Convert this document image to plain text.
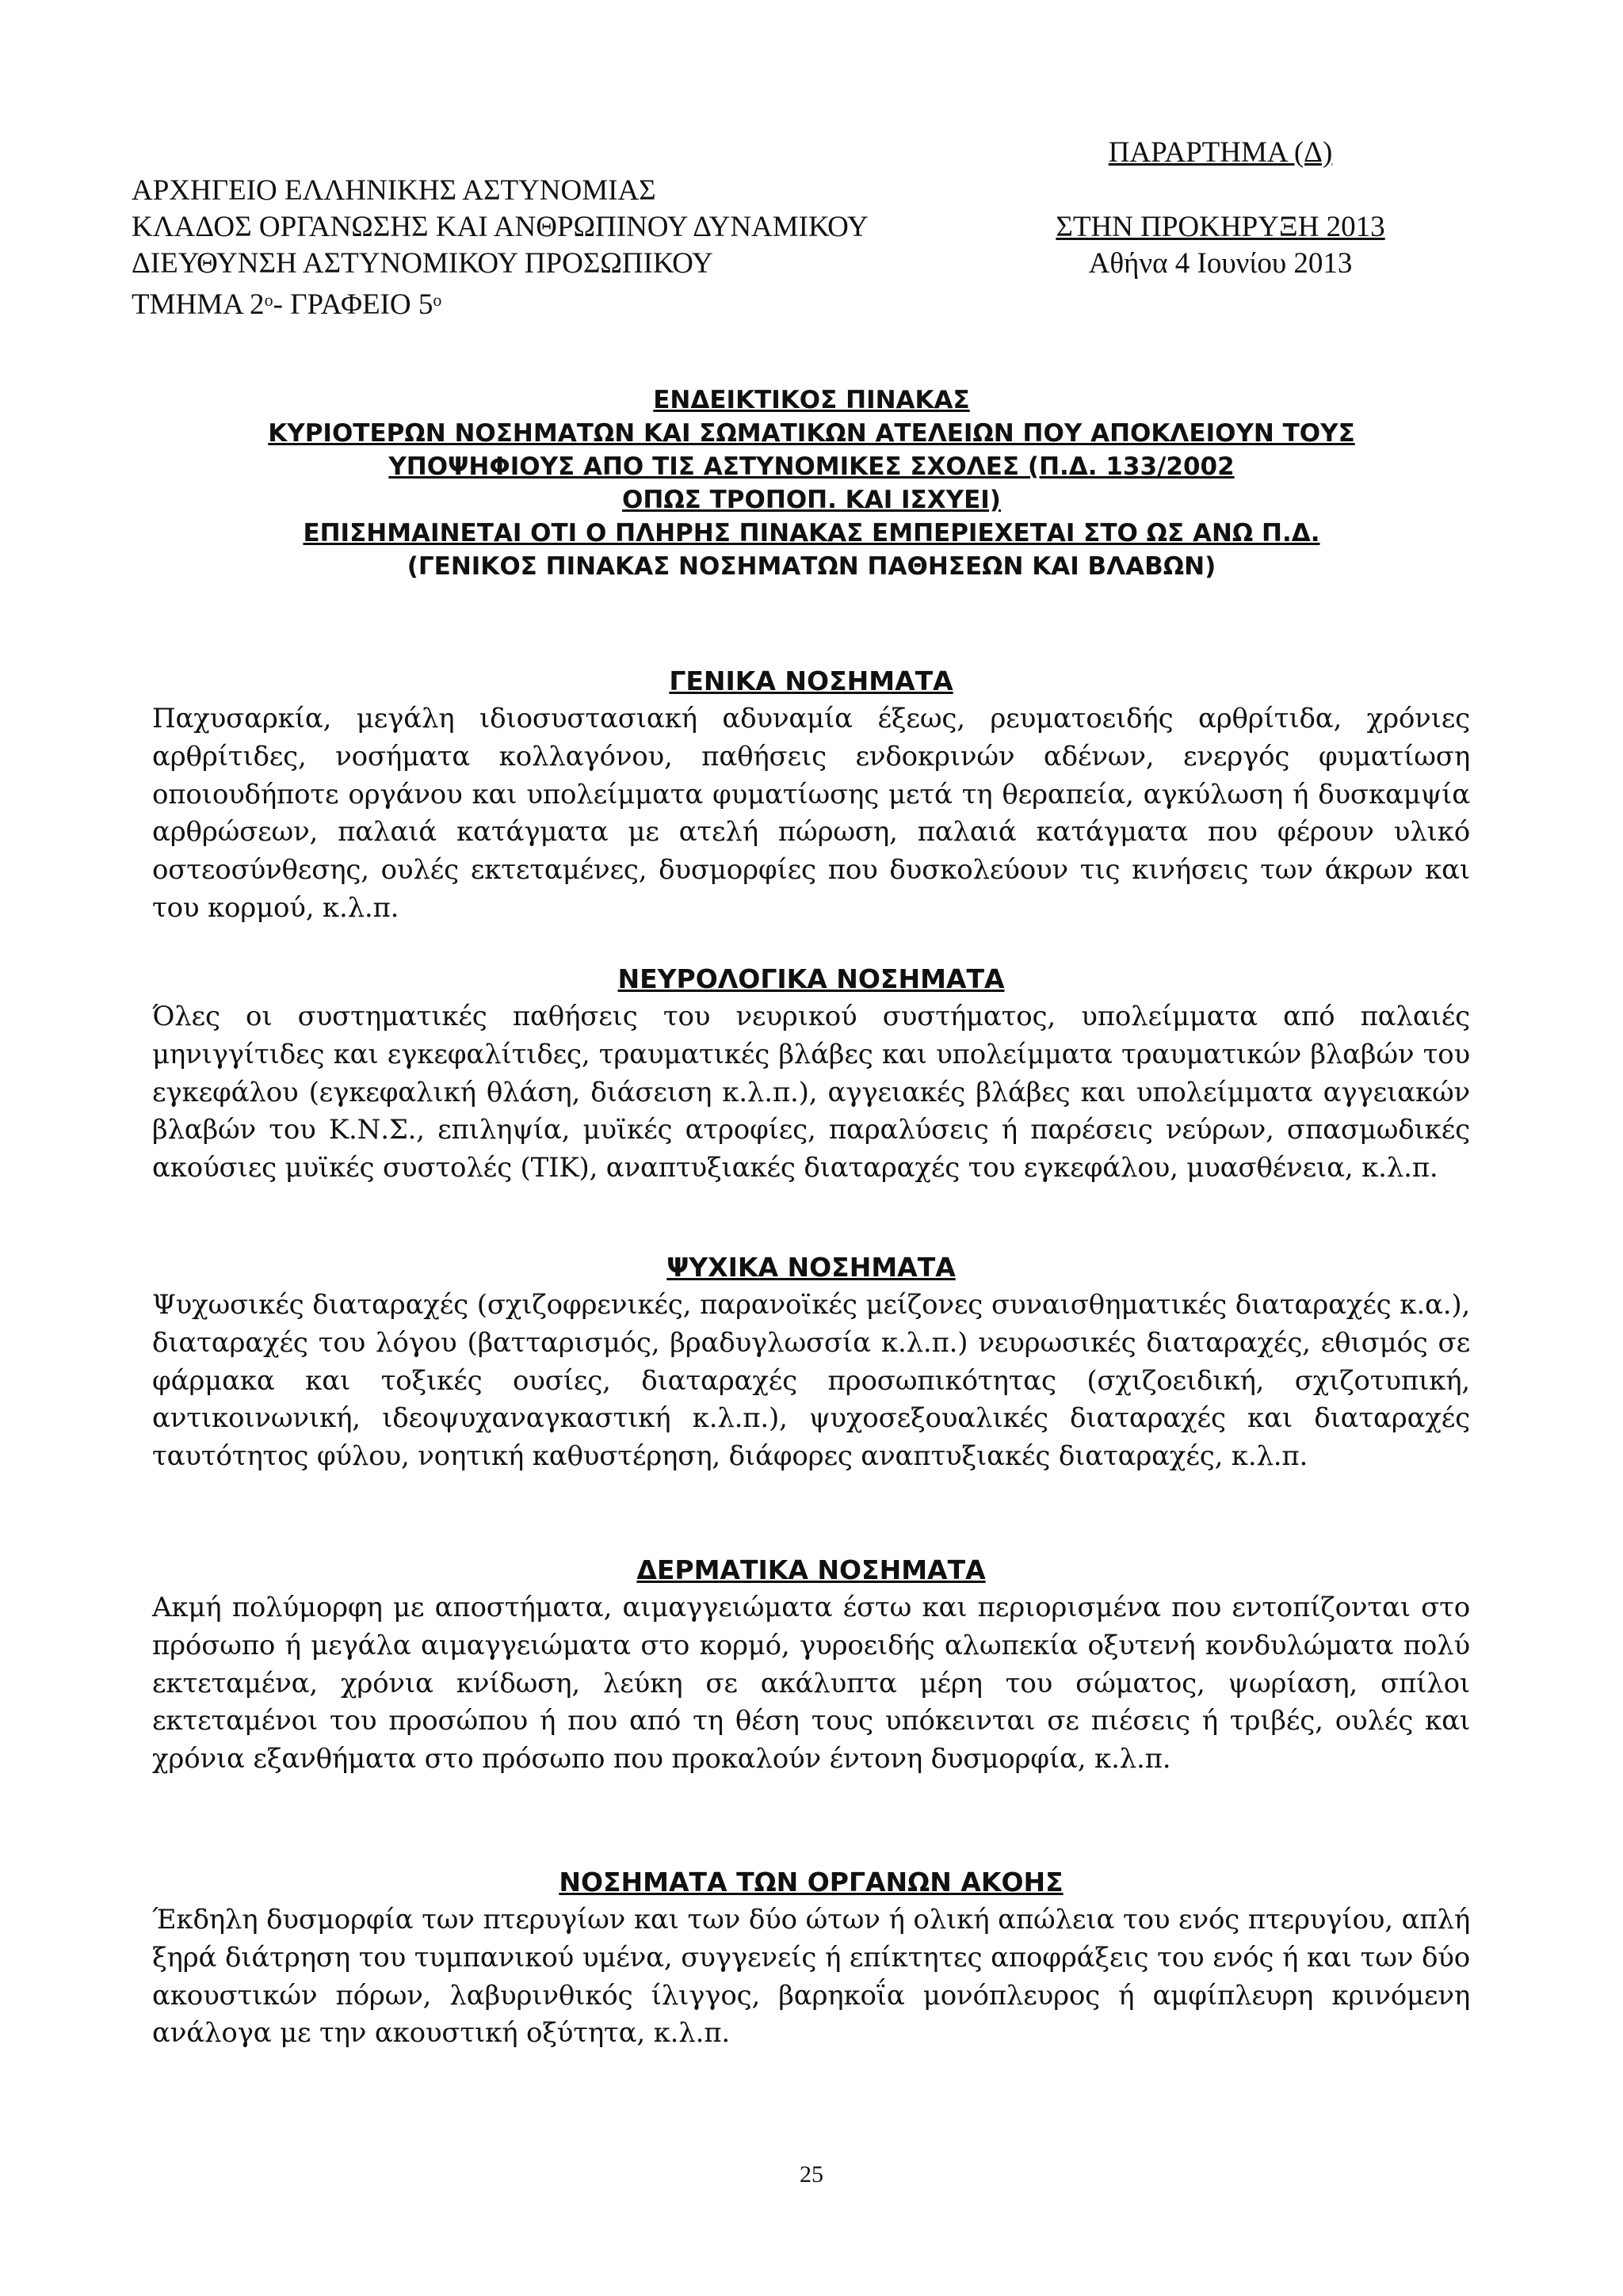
ΑΡΧΗΓΕΙΟ ΕΛΛΗΝΙΚΗΣ ΑΣΤΥΝΟΜΙΑΣ
ΚΛΑΔΟΣ ΟΡΓΑΝΩΣΗΣ ΚΑΙ ΑΝΘΡΩΠΙΝΟΥ ΔΥΝΑΜΙΚΟΥ
ΔΙΕΥΘΥΝΣΗ ΑΣΤΥΝΟΜΙΚΟΥ ΠΡΟΣΩΠΙΚΟΥ
ΤΜΗΜΑ $2^o-$ ΓΡΑΦΕΙΟ $5^o$
ΠΑΡΑΡΤΗΜΑ (Δ)
ΣΤΗΝ ΠΡΟΚΗΡΥΞΗ 2013
Αθήνα 4 Ιουνίου 2013
ΕΝΔΕΙΚΤΙΚΟΣ ΠΙΝΑΚΑΣ
ΚΥΡΙΟΤΕΡΩΝ ΝΟΣΗΜΑΤΩΝ ΚΑΙ ΣΩΜΑΤΙΚΩΝ ΑΤΕΛΕΙΩΝ ΠΟΥ ΑΠΟΚΛΕΙΟΥΝ ΤΟΥΣ
ΥΠΟΨΗΦΙΟΥΣ ΑΠΟ ΤΙΣ ΑΣΤΥΝΟΜΙΚΕΣ ΣΧΟΛΕΣ (Π.Δ. 133/2002
ΟΠΩΣ ΤΡΟΠΟΠ. ΚΑΙ ΙΣΧΥΕΙ)
ΕΠΙΣΗΜΑΙΝΕΤΑΙ ΟΤΙ Ο ΠΛΗΡΗΣ ΠΙΝΑΚΑΣ ΕΜΠΕΡΙΕΧΕΤΑΙ ΣΤΟ ΩΣ ΑΝΩ Π.Δ.
(ΓΕΝΙΚΟΣ ΠΙΝΑΚΑΣ ΝΟΣΗΜΑΤΩΝ ΠΑΘΗΣΕΩΝ ΚΑΙ ΒΛΑΒΩΝ)
ΓΕΝΙΚΑ ΝΟΣΗΜΑΤΑ

Παχυσαρκία, μεγάλη ιδιοσυστασιακή αδυναμία έξεως, ρευματοειδής αρθρίτιδα, χρόνιες αρθρίτιδες, νοσήματα κολλαγόνου, παθήσεις ενδοκρινών αδένων, ενεργός φυματίωση οποιουδήποτε οργάνου και υπολείμματα φυματίωσης μετά τη θεραπεία, αγκύλωση ή δυσκαμψία αρθρώσεων, παλαιά κατάγματα με ατελή πώρωση, παλαιά κατάγματα που φέρουν υλικό οστεοσύνθεσης, ουλές εκτεταμένες, δυσμορφίες που δυσκολεύουν τις κινήσεις των άκρων και του κορμού, κ.λ.π.

ΝΕΥΡΟΛΟΓΙΚΑ ΝΟΣΗΜΑΤΑ

Όλες οι συστηματικές παθήσεις του νευρικού συστήματος, υπολείμματα από παλαιές μηνιγγίτιδες και εγκεφαλίτιδες, τραυματικές βλάβες και υπολείμματα τραυματικών βλαβών του εγκεφάλου (εγκεφαλική θλάση, διάσειση κ.λ.π.), αγγειακές βλάβες και υπολείμματα αγγειακών βλαβών του Κ.Ν.Σ., επιληψία, μυϊκές ατροφίες, παραλύσεις ή παρέσεις νεύρων, σπασμωδικές ακούσιες μυϊκές συστολές (ΤΙΚ), αναπτυξιακές διαταραχές του εγκεφάλου, μυασθένεια, κ.λ.π.

ΨΥΧΙΚΑ ΝΟΣΗΜΑΤΑ

Ψυχωσικές διαταραχές (σχιζοφρενικές, παρανοϊκές μείζονες συναισθηματικές διαταραχές κ.α.), διαταραχές του λόγου (βατταρισμός, βραδυγλωσσία κ.λ.π.) νευρωσικές διαταραχές, εθισμός σε φάρμακα και τοξικές ουσίες, διαταραχές προσωπικότητας (σχιζοειδική, σχιζοτυπική, αντικοινωνική, ιδεοψυχαναγκαστική κ.λ.π.), ψυχοσεξουαλικές διαταραχές και διαταραχές ταυτότητος φύλου, νοητική καθυστέρηση, διάφορες αναπτυξιακές διαταραχές, κ.λ.π.

ΔΕΡΜΑΤΙΚΑ ΝΟΣΗΜΑΤΑ

Ακμή πολύμορφη με αποστήματα, αιμαγγειώματα έστω και περιορισμένα που εντοπίζονται στο πρόσωπο ή μεγάλα αιμαγγειώματα στο κορμό, γυροειδής αλωπεκία οξυτενή κονδυλώματα πολύ εκτεταμένα, χρόνια κνίδωση, λεύκη σε ακάλυπτα μέρη του σώματος, ψωρίαση, σπίλοι εκτεταμένοι του προσώπου ή που από τη θέση τους υπόκεινται σε πιέσεις ή τριβές, ουλές και χρόνια εξανθήματα στο πρόσωπο που προκαλούν έντονη δυσμορφία, κ.λ.π.

ΝΟΣΗΜΑΤΑ ΤΩΝ ΟΡΓΑΝΩΝ ΑΚΟΗΣ

Έκδηλη δυσμορφία των πτερυγίων και των δύο ώτων ή ολική απώλεια του ενός πτερυγίου, απλή ξηρά διάτρηση του τυμπανικού υμένα, συγγενείς ή επίκτητες αποφράξεις του ενός ή και των δύο ακουστικών πόρων, λαβυρινθικός ίλιγγος, βαρηκοΐα μονόπλευρος ή αμφίπλευρη κρινόμενη ανάλογα με την ακουστική οξύτητα, κ.λ.π.

25
